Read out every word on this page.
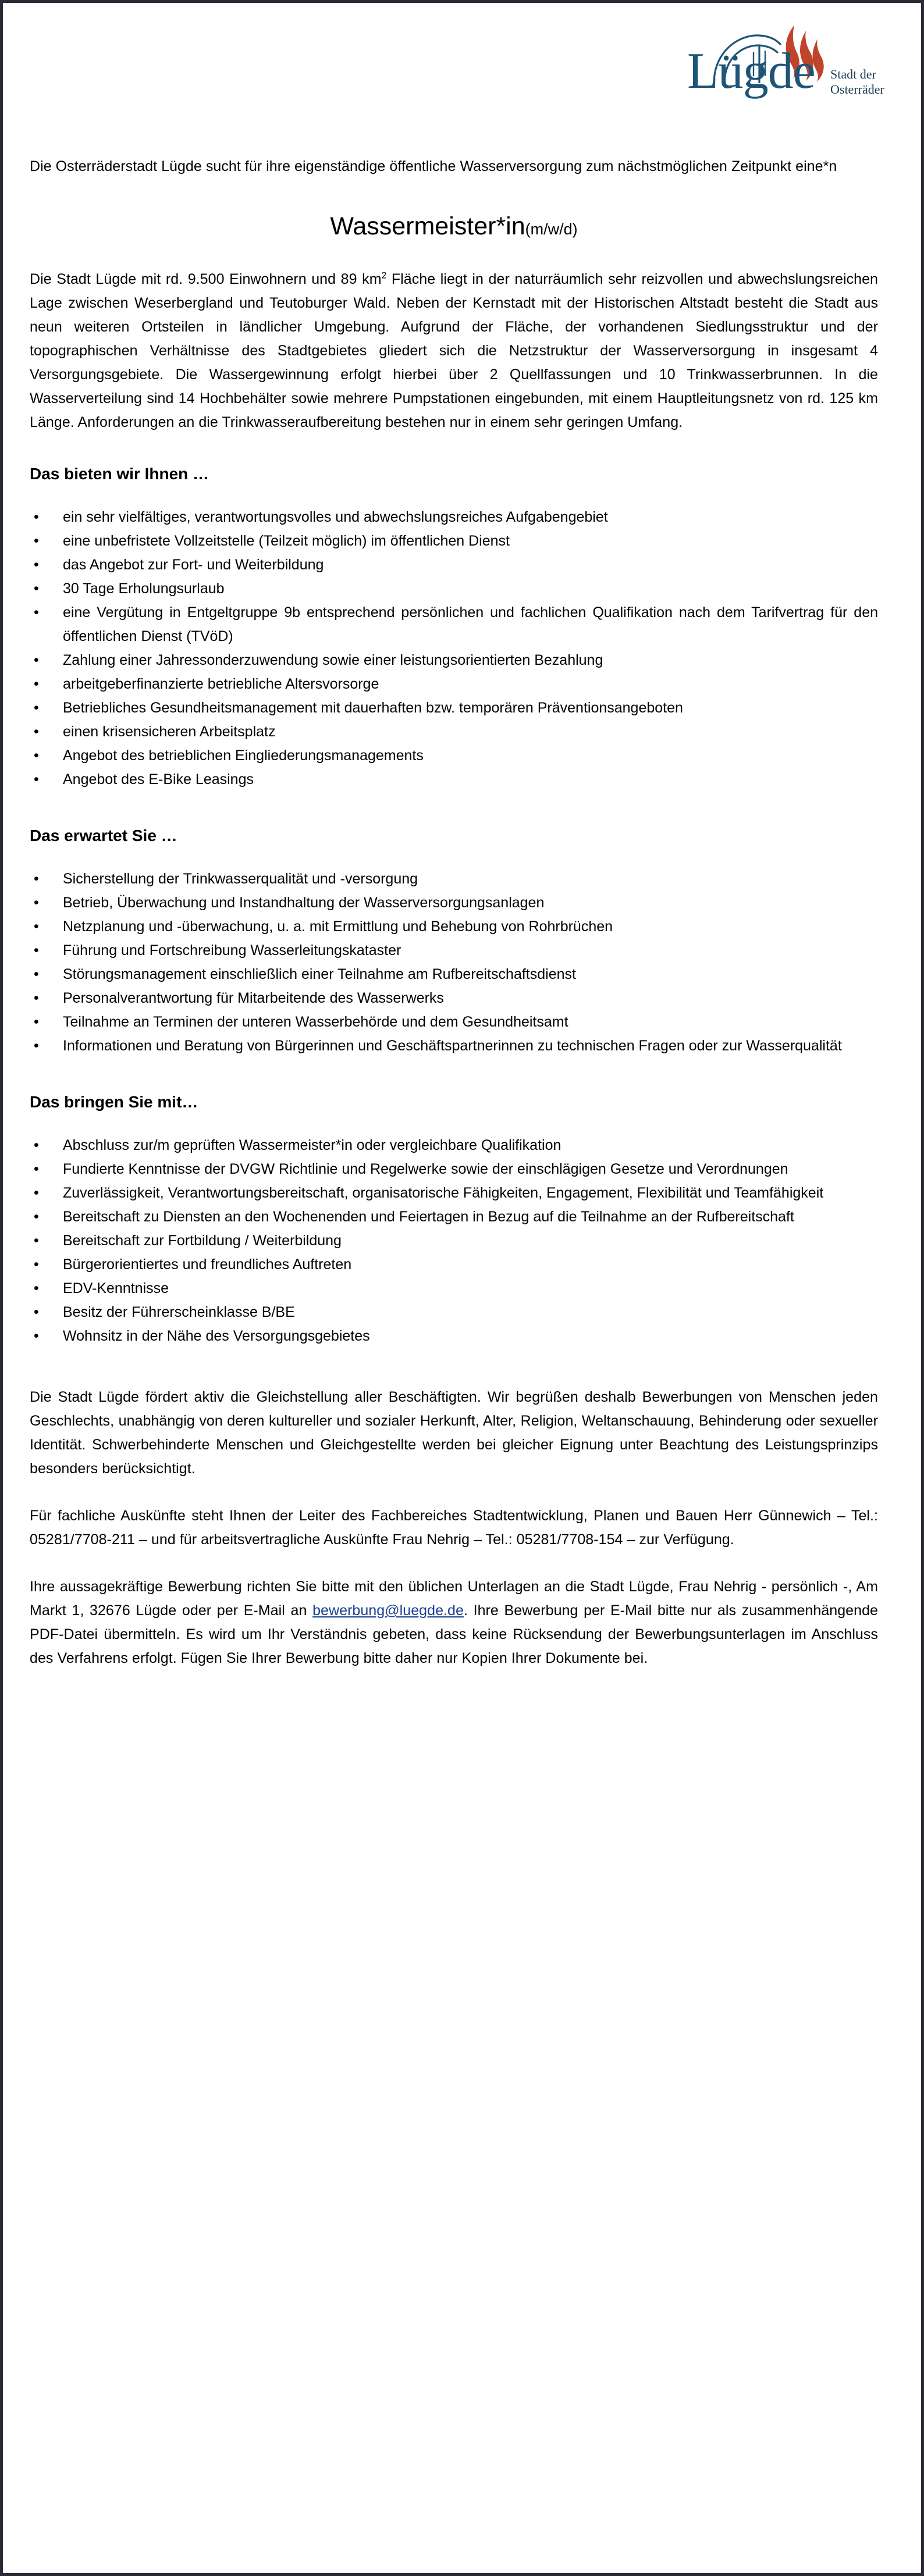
Lügde Stadt der
Osterräder

Die Osterräderstadt Lügde sucht für ihre eigenständige öffentliche Wasserversorgung zum nächstmöglichen Zeitpunkt eine*n

Wassermeister*in(m/w/d)

Die Stadt Lügde mit rd. 9.500 Einwohnern und 89 $km^2$ Fläche liegt in der naturräumlich sehr reizvollen und abwechslungsreichen Lage zwischen Weserbergland und Teutoburger Wald. Neben der Kernstadt mit der Historischen Altstadt besteht die Stadt aus neun weiteren Ortsteilen in ländlicher Umgebung. Aufgrund der Fläche, der vorhandenen Siedlungsstruktur und der topographischen Verhältnisse des Stadtgebietes gliedert sich die Netzstruktur der Wasserversorgung in insgesamt 4 Versorgungsgebiete. Die Wassergewinnung erfolgt hierbei über 2 Quellfassungen und 10 Trinkwasserbrunnen. In die Wasserverteilung sind 14 Hochbehälter sowie mehrere Pumpstationen eingebunden, mit einem Hauptleitungsnetz von rd. 125 km Länge. Anforderungen an die Trinkwasseraufbereitung bestehen nur in einem sehr geringen Umfang.

Das bieten wir Ihnen …
• ein sehr vielfältiges, verantwortungsvolles und abwechslungsreiches Aufgabengebiet
• eine unbefristete Vollzeitstelle (Teilzeit möglich) im öffentlichen Dienst
• das Angebot zur Fort- und Weiterbildung
• 30 Tage Erholungsurlaub
• eine Vergütung in Entgeltgruppe 9b entsprechend persönlichen und fachlichen Qualifikation nach dem Tarifvertrag für den öffentlichen Dienst (TVöD)
• Zahlung einer Jahressonderzuwendung sowie einer leistungsorientierten Bezahlung
• arbeitgeberfinanzierte betriebliche Altersvorsorge
• Betriebliches Gesundheitsmanagement mit dauerhaften bzw. temporären Präventionsangeboten
• einen krisensicheren Arbeitsplatz
• Angebot des betrieblichen Eingliederungsmanagements
• Angebot des E-Bike Leasings
Das erwartet Sie …
• Sicherstellung der Trinkwasserqualität und -versorgung
• Betrieb, Überwachung und Instandhaltung der Wasserversorgungsanlagen
• Netzplanung und -überwachung, u. a. mit Ermittlung und Behebung von Rohrbrüchen
• Führung und Fortschreibung Wasserleitungskataster
• Störungsmanagement einschließlich einer Teilnahme am Rufbereitschaftsdienst
• Personalverantwortung für Mitarbeitende des Wasserwerks
• Teilnahme an Terminen der unteren Wasserbehörde und dem Gesundheitsamt
• Informationen und Beratung von Bürgerinnen und Geschäftspartnerinnen zu technischen Fragen oder zur Wasserqualität
Das bringen Sie mit…
• Abschluss zur/m geprüften Wassermeister*in oder vergleichbare Qualifikation
• Fundierte Kenntnisse der DVGW Richtlinie und Regelwerke sowie der einschlägigen Gesetze und Verordnungen
• Zuverlässigkeit, Verantwortungsbereitschaft, organisatorische Fähigkeiten, Engagement, Flexibilität und Teamfähigkeit
• Bereitschaft zu Diensten an den Wochenenden und Feiertagen in Bezug auf die Teilnahme an der Rufbereitschaft
• Bereitschaft zur Fortbildung / Weiterbildung
• Bürgerorientiertes und freundliches Auftreten
• EDV-Kenntnisse
• Besitz der Führerscheinklasse B/BE
• Wohnsitz in der Nähe des Versorgungsgebietes

Die Stadt Lügde fördert aktiv die Gleichstellung aller Beschäftigten. Wir begrüßen deshalb Bewerbungen von Menschen jeden Geschlechts, unabhängig von deren kultureller und sozialer Herkunft, Alter, Religion, Weltanschauung, Behinderung oder sexueller Identität. Schwerbehinderte Menschen und Gleichgestellte werden bei gleicher Eignung unter Beachtung des Leistungsprinzips besonders berücksichtigt.

Für fachliche Auskünfte steht Ihnen der Leiter des Fachbereiches Stadtentwicklung, Planen und Bauen Herr Günnewich – Tel.: 05281/7708-211 – und für arbeitsvertragliche Auskünfte Frau Nehrig – Tel.: 05281/7708-154 – zur Verfügung.

Ihre aussagekräftige Bewerbung richten Sie bitte mit den üblichen Unterlagen an die Stadt Lügde, Frau Nehrig - persönlich -, Am Markt 1, 32676 Lügde oder per E-Mail an bewerbung@luegde.de. Ihre Bewerbung per E-Mail bitte nur als zusammenhängende PDF-Datei übermitteln. Es wird um Ihr Verständnis gebeten, dass keine Rücksendung der Bewerbungsunterlagen im Anschluss des Verfahrens erfolgt. Fügen Sie Ihrer Bewerbung bitte daher nur Kopien Ihrer Dokumente bei.
